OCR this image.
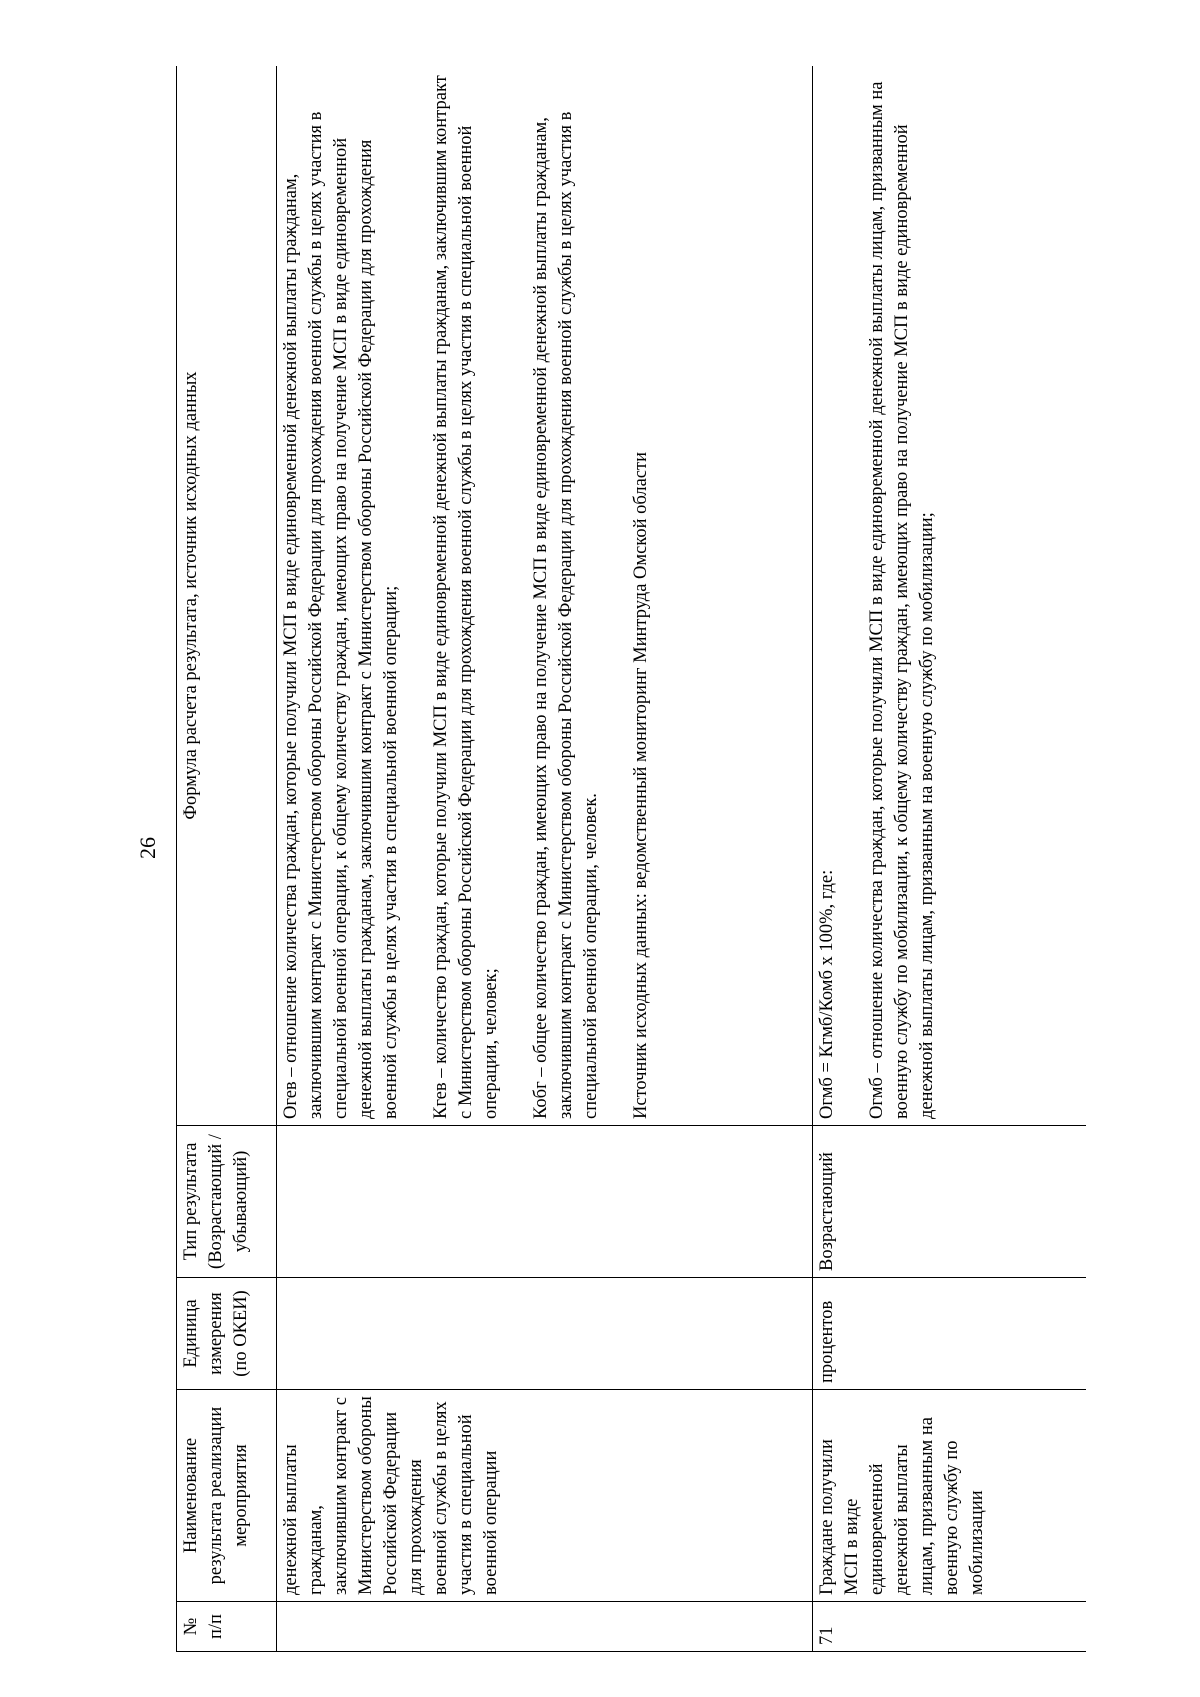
26
№ п/п	Наименование результата реализации мероприятия	Единица измерения (по ОКЕИ)	Тип результата (Возрастающий /убывающий)	Формула расчета результата, источник исходных данных
	денежной выплаты гражданам, заключившим контракт с Министерством обороны Российской Федерации для прохождения военной службы в целях участия в специальной военной операции			Огев – отношение количества граждан, которые получили МСП в виде единовременной денежной выплаты гражданам, заключившим контракт с Министерством обороны Российской Федерации для прохождения военной службы в целях участия в специальной военной операции, к общему количеству граждан, имеющих право на получение МСП в виде единовременной денежной выплаты гражданам, заключившим контракт с Министерством обороны Российской Федерации для прохождения военной службы в целях участия в специальной военной операции; Кгев – количество граждан, которые получили МСП в виде единовременной денежной выплаты гражданам, заключившим контракт с Министерством обороны Российской Федерации для прохождения военной службы в целях участия в специальной военной операции, человек; Кобг – общее количество граждан, имеющих право на получение МСП в виде единовременной денежной выплаты гражданам, заключившим контракт с Министерством обороны Российской Федерации для прохождения военной службы в целях участия в специальной военной операции, человек. Источник исходных данных: ведомственный мониторинг Минтруда Омской области

71	Граждане получили МСП в виде единовременной денежной выплаты лицам, призванным на военную службу по мобилизации	процентов	Возрастающий	Огмб = Кгмб/Комб x 100%, где: Огмб – отношение количества граждан, которые получили МСП в виде единовременной денежной выплаты лицам, призванным на военную службу по мобилизации, к общему количеству граждан, имеющих право на получение МСП в виде единовременной денежной выплаты лицам, призванным на военную службу по мобилизации;
